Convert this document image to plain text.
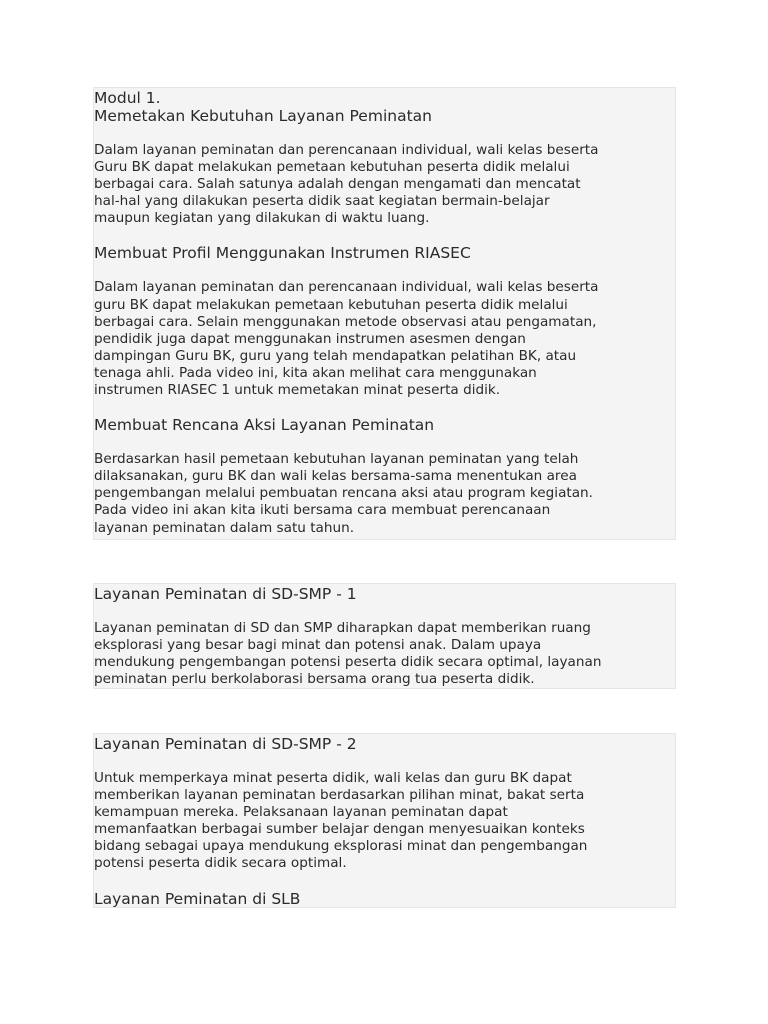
Modul 1.
Memetakan Kebutuhan Layanan Peminatan
Dalam layanan peminatan dan perencanaan individual, wali kelas beserta
Guru BK dapat melakukan pemetaan kebutuhan peserta didik melalui
berbagai cara. Salah satunya adalah dengan mengamati dan mencatat
hal-hal yang dilakukan peserta didik saat kegiatan bermain-belajar
maupun kegiatan yang dilakukan di waktu luang.
Membuat Profil Menggunakan Instrumen RIASEC
Dalam layanan peminatan dan perencanaan individual, wali kelas beserta
guru BK dapat melakukan pemetaan kebutuhan peserta didik melalui
berbagai cara. Selain menggunakan metode observasi atau pengamatan,
pendidik juga dapat menggunakan instrumen asesmen dengan
dampingan Guru BK, guru yang telah mendapatkan pelatihan BK, atau
tenaga ahli. Pada video ini, kita akan melihat cara menggunakan
instrumen RIASEC 1 untuk memetakan minat peserta didik.
Membuat Rencana Aksi Layanan Peminatan
Berdasarkan hasil pemetaan kebutuhan layanan peminatan yang telah
dilaksanakan, guru BK dan wali kelas bersama-sama menentukan area
pengembangan melalui pembuatan rencana aksi atau program kegiatan.
Pada video ini akan kita ikuti bersama cara membuat perencanaan
layanan peminatan dalam satu tahun.
Layanan Peminatan di SD-SMP - 1
Layanan peminatan di SD dan SMP diharapkan dapat memberikan ruang
eksplorasi yang besar bagi minat dan potensi anak. Dalam upaya
mendukung pengembangan potensi peserta didik secara optimal, layanan
peminatan perlu berkolaborasi bersama orang tua peserta didik.
Layanan Peminatan di SD-SMP - 2
Untuk memperkaya minat peserta didik, wali kelas dan guru BK dapat
memberikan layanan peminatan berdasarkan pilihan minat, bakat serta
kemampuan mereka. Pelaksanaan layanan peminatan dapat
memanfaatkan berbagai sumber belajar dengan menyesuaikan konteks
bidang sebagai upaya mendukung eksplorasi minat dan pengembangan
potensi peserta didik secara optimal.
Layanan Peminatan di SLB
